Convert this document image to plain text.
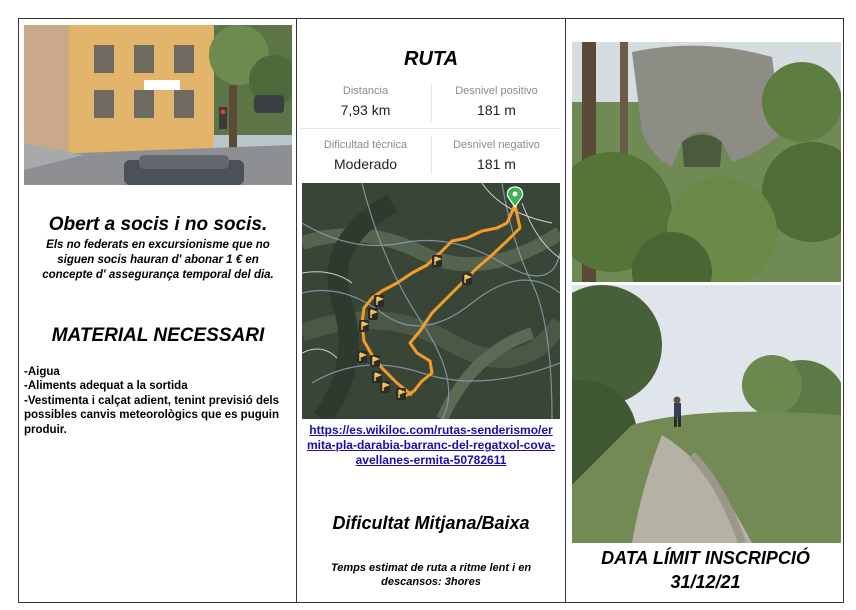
Obert a socis i no socis.
Els no federats en excursionisme que no siguen socis hauran d' abonar 1 € en concepte d' assegurança temporal del dia.
MATERIAL NECESSARI
-Aigua
-Aliments adequat a la sortida
-Vestimenta i calçat adient, tenint previsió dels possibles canvis meteorològics que es puguin produir.
RUTA
Distancia
7,93 km
Desnivel positivo
181 m
Dificultad técnica
Moderado
Desnivel negativo
181 m
https://es.wikiloc.com/rutas-senderismo/ermita-pla-darabia-barranc-del-regatxol-cova-avellanes-ermita-50782611
Dificultat Mitjana/Baixa
Temps estimat de ruta a ritme lent i en descansos: 3hores
DATA LÍMIT INSCRIPCIÓ
31/12/21
